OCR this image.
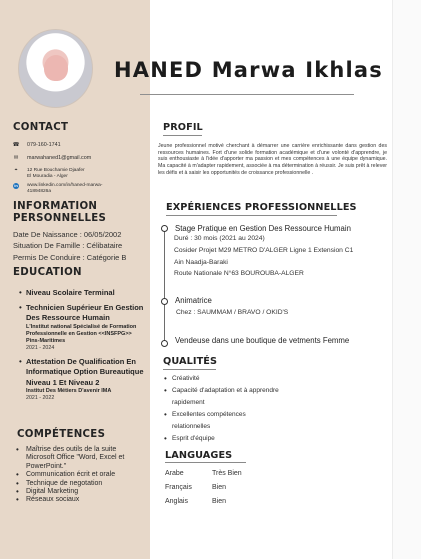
HANED Marwa Ikhlas
CONTACT
☎ 079-160-1741
✉ marwahaned1@gmail.com
⌖	12 Rue Bouchamie Djaafer
El Mouradia - Alger
in www.linkedin.com/in/haned-marwa-
41894826a
INFORMATION
PERSONNELLES
Date De Naissance : 06/05/2002
Situation De Famille : Célibataire
Permis De Conduire : Catégorie B
EDUCATION
• Niveau Scolaire Terminal
• Technicien Supérieur En Gestion Des Ressource Humain
L'Institut national Spécialisé de Formation Professionnelle en Gestion <<INSFPG>> Pins-Maritimes
2021 - 2024
• Attestation De Qualification En Informatique Option Bureautique Niveau 1 Et Niveau 2
Institut Des Métiers D'avenir IMA
2021 - 2022
COMPÉTENCES
• Maîtrise des outils de la suite Microsoft Office "Word, Excel et PowerPoint."
• Communication écrit et orale
• Technique de negotation
• Digital Marketing
• Réseaux sociaux
PROFIL
Jeune professionnel motivé cherchant à démarrer une carrière enrichissante dans gestion des ressources humaines. Fort d'une solide formation académique et d'une volonté d'apprendre, je suis enthousiaste à l'idée d'apporter ma passion et mes compétences à une équipe dynamique. Ma capacité à m'adapter rapidement, associée à ma détermination à réussir. Je suis prêt à relever les défis et à saisir les opportunités de croissance professionnelle .
EXPÉRIENCES PROFESSIONNELLES
Stage Pratique en Gestion Des Ressource Humain
Duré : 30 mois (2021 au 2024)
Cosider Projet M29 METRO D'ALGER Ligne 1 Extension C1
Ain Naadja-Baraki
Route Nationale N°63 BOUROUBA-ALGER
Animatrice
Chez : SAUMMAM / BRAVO / OKID'S
Vendeuse dans une boutique de vetments Femme
QUALITÉS
• Créativité
• Capacité d'adaptation et à apprendre rapidement
• Excellentes compétences relationnelles
• Esprit d'équipe
LANGUAGES
Arabe	Très Bien
Français	Bien
Anglais	Bien
